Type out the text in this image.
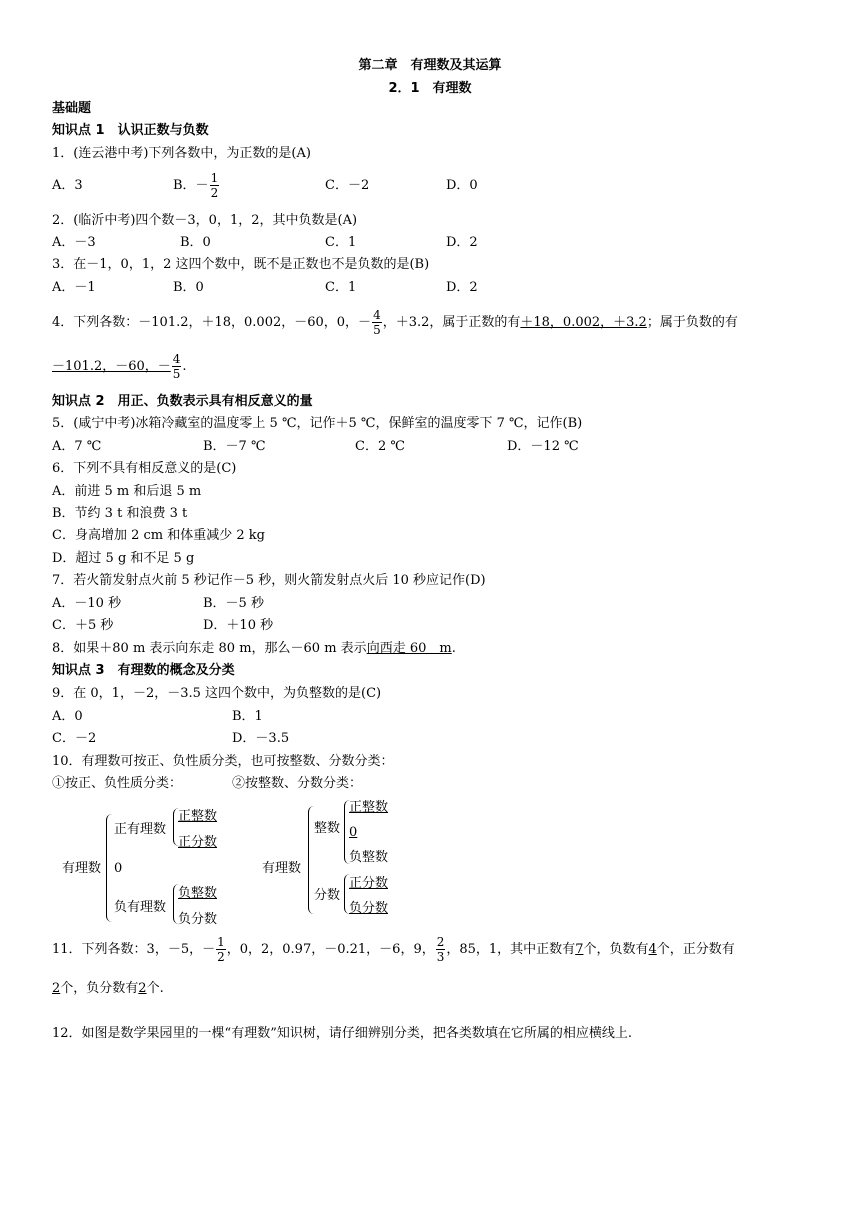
第二章　有理数及其运算
2．1　有理数
基础题
知识点 1　认识正数与负数
1．(连云港中考)下列各数中，为正数的是(A)
A．3	B．－ $\frac{1}{2}$	C．－2	D．0
2．(临沂中考)四个数－3，0，1，2，其中负数是(A)
A．－3	B．0	C．1	D．2
3．在－1，0，1，2 这四个数中，既不是正数也不是负数的是(B)
A．－1	B．0	C．1	D．2
4．下列各数：－101.2，＋18，0.002，－60，0，－ $\frac{4}{5}$ ，＋3.2，属于正数的有＋18，0.002，＋3.2；属于负数的有
－101.2，－60，－ $\frac{4}{5}$ .
知识点 2　用正、负数表示具有相反意义的量
5．(咸宁中考)冰箱冷藏室的温度零上 5 ℃，记作＋5 ℃，保鲜室的温度零下 7 ℃，记作(B)
A．7 ℃	B．－7 ℃	C．2 ℃	D．－12 ℃
6．下列不具有相反意义的是(C)
A．前进 5 m 和后退 5 m
B．节约 3 t 和浪费 3 t
C．身高增加 2 cm 和体重减少 2 kg
D．超过 5 g 和不足 5 g
7．若火箭发射点火前 5 秒记作－5 秒，则火箭发射点火后 10 秒应记作(D)
A．－10 秒	B．－5 秒
C．＋5 秒	D．＋10 秒
8．如果＋80 m 表示向东走 80 m，那么－60 m 表示向西走 60　m.
知识点 3　有理数的概念及分类
9．在 0，1，－2，－3.5 这四个数中，为负整数的是(C)
A．0	B．1
C．－2	D．－3.5
10．有理数可按正、负性质分类，也可按整数、分数分类：
①按正、负性质分类：	②按整数、分数分类：
有理数
正有理数
0
负有理数
正整数
正分数
负整数
负分数
有理数
整数
分数
正整数
0
负整数
正分数
负分数
11．下列各数：3，－5，－ $\frac{1}{2}$ ，0，2，0.97，－0.21，－6，9， $\frac{2}{3}$ ，85，1，其中正数有7个，负数有4个，正分数有
2个，负分数有2个.
12．如图是数学果园里的一棵“有理数”知识树，请仔细辨别分类，把各类数填在它所属的相应横线上.
